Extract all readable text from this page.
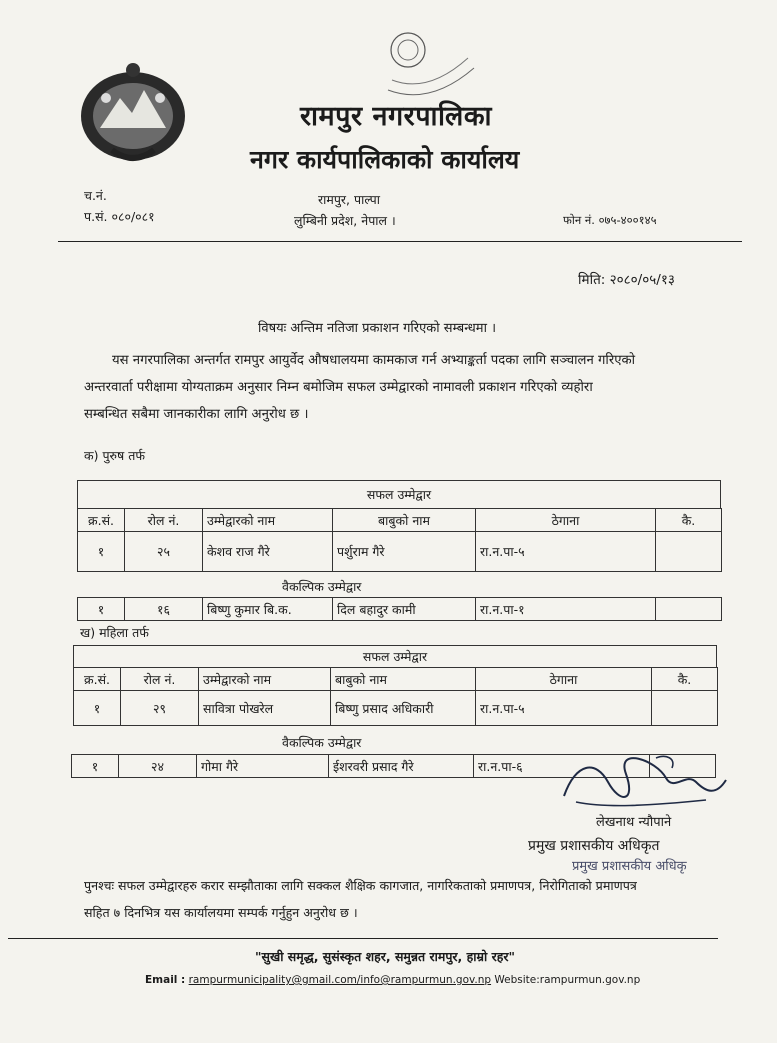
रामपुर नगरपालिका
नगर कार्यपालिकाको कार्यालय
च.नं.
प.सं. ०८०/०८१
रामपुर, पाल्पा
लुम्बिनी प्रदेश, नेपाल ।	फोन नं. ०७५-४००१४५
मिति: २०८०/०५/१३
विषयः अन्तिम नतिजा प्रकाशन गरिएको सम्बन्धमा ।
यस नगरपालिका अन्तर्गत रामपुर आयुर्वेद औषधालयमा कामकाज गर्न अभ्याङ्कर्ता पदका लागि सञ्चालन गरिएको
अन्तरवार्ता परीक्षामा योग्यताक्रम अनुसार निम्न बमोजिम सफल उम्मेद्वारको नामावली प्रकाशन गरिएको व्यहोरा
सम्बन्धित सबैमा जानकारीका लागि अनुरोध छ ।
क) पुरुष तर्फ
सफल उम्मेद्वार
क्र.सं.	रोल नं.	उम्मेद्वारको नाम	बाबुको नाम	ठेगाना	कै.
१	२५	केशव राज गैरे	पर्शुराम गैरे	रा.न.पा-५	
वैकल्पिक उम्मेद्वार
१	१६	बिष्णु कुमार बि.क.	दिल बहादुर कामी	रा.न.पा-१	
ख) महिला तर्फ
सफल उम्मेद्वार
क्र.सं.	रोल नं.	उम्मेद्वारको नाम	बाबुको नाम	ठेगाना	कै.
१	२९	सावित्रा पोखरेल	बिष्णु प्रसाद अधिकारी	रा.न.पा-५	
वैकल्पिक उम्मेद्वार
१	२४	गोमा गैरे	ईशरवरी प्रसाद गैरे	रा.न.पा-६	
लेखनाथ न्यौपाने
प्रमुख प्रशासकीय अधिकृत
प्रमुख प्रशासकीय अधिकृ
पुनश्चः सफल उम्मेद्वारहरु करार सम्झौताका लागि सक्कल शैक्षिक कागजात, नागरिकताको प्रमाणपत्र, निरोगिताको प्रमाणपत्र
सहित ७ दिनभित्र यस कार्यालयमा सम्पर्क गर्नुहुन अनुरोध छ ।
"सुखी समृद्ध, सुसंस्कृत शहर, समुन्नत रामपुर, हाम्रो रहर"
Email : rampurmunicipality@gmail.com/info@rampurmun.gov.np Website:rampurmun.gov.np
